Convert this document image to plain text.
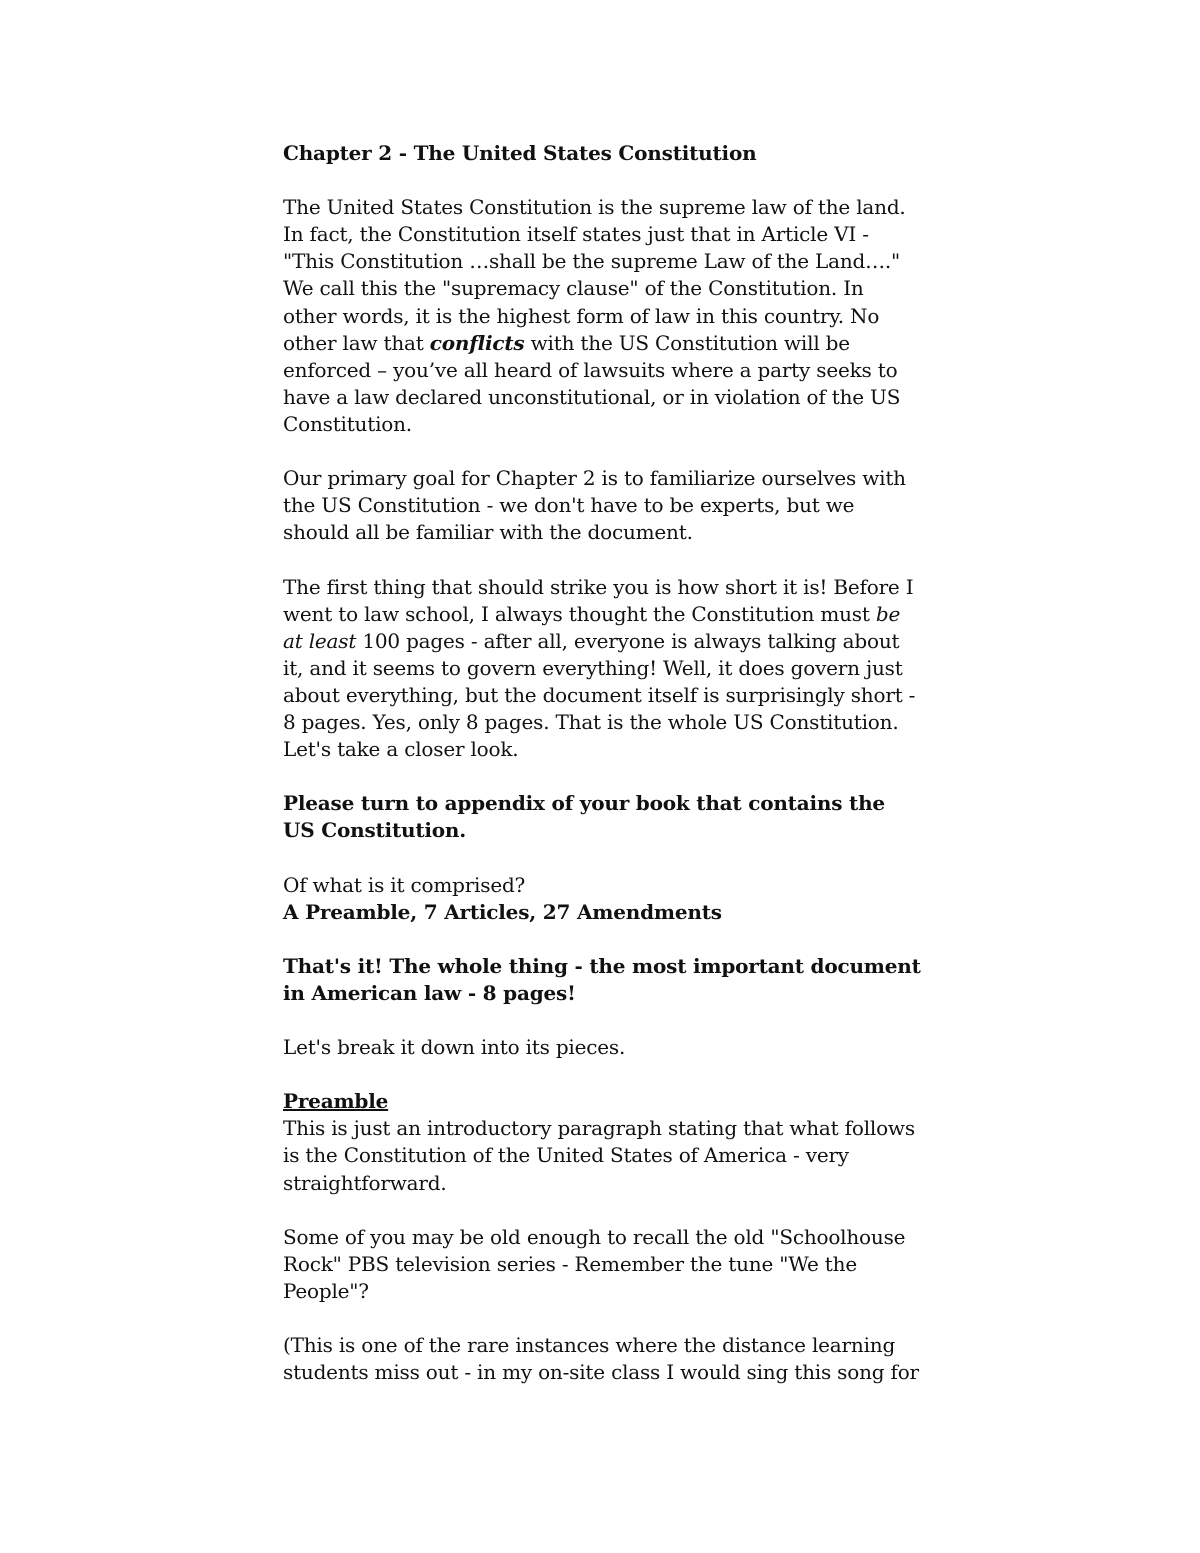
Chapter 2 - The United States Constitution

The United States Constitution is the supreme law of the land. In fact, the Constitution itself states just that in Article VI - "This Constitution …shall be the supreme Law of the Land…." We call this the "supremacy clause" of the Constitution. In other words, it is the highest form of law in this country. No other law that conflicts with the US Constitution will be enforced – you’ve all heard of lawsuits where a party seeks to have a law declared unconstitutional, or in violation of the US Constitution.

Our primary goal for Chapter 2 is to familiarize ourselves with the US Constitution - we don't have to be experts, but we should all be familiar with the document.

The first thing that should strike you is how short it is! Before I went to law school, I always thought the Constitution must be at least 100 pages - after all, everyone is always talking about it, and it seems to govern everything! Well, it does govern just about everything, but the document itself is surprisingly short - 8 pages. Yes, only 8 pages. That is the whole US Constitution. Let's take a closer look.

Please turn to appendix of your book that contains the US Constitution.

Of what is it comprised?

A Preamble, 7 Articles, 27 Amendments

That's it! The whole thing - the most important document in American law - 8 pages!

Let's break it down into its pieces.

Preamble

This is just an introductory paragraph stating that what follows is the Constitution of the United States of America - very straightforward.

Some of you may be old enough to recall the old "Schoolhouse Rock" PBS television series - Remember the tune "We the People"?

(This is one of the rare instances where the distance learning students miss out - in my on-site class I would sing this song for
